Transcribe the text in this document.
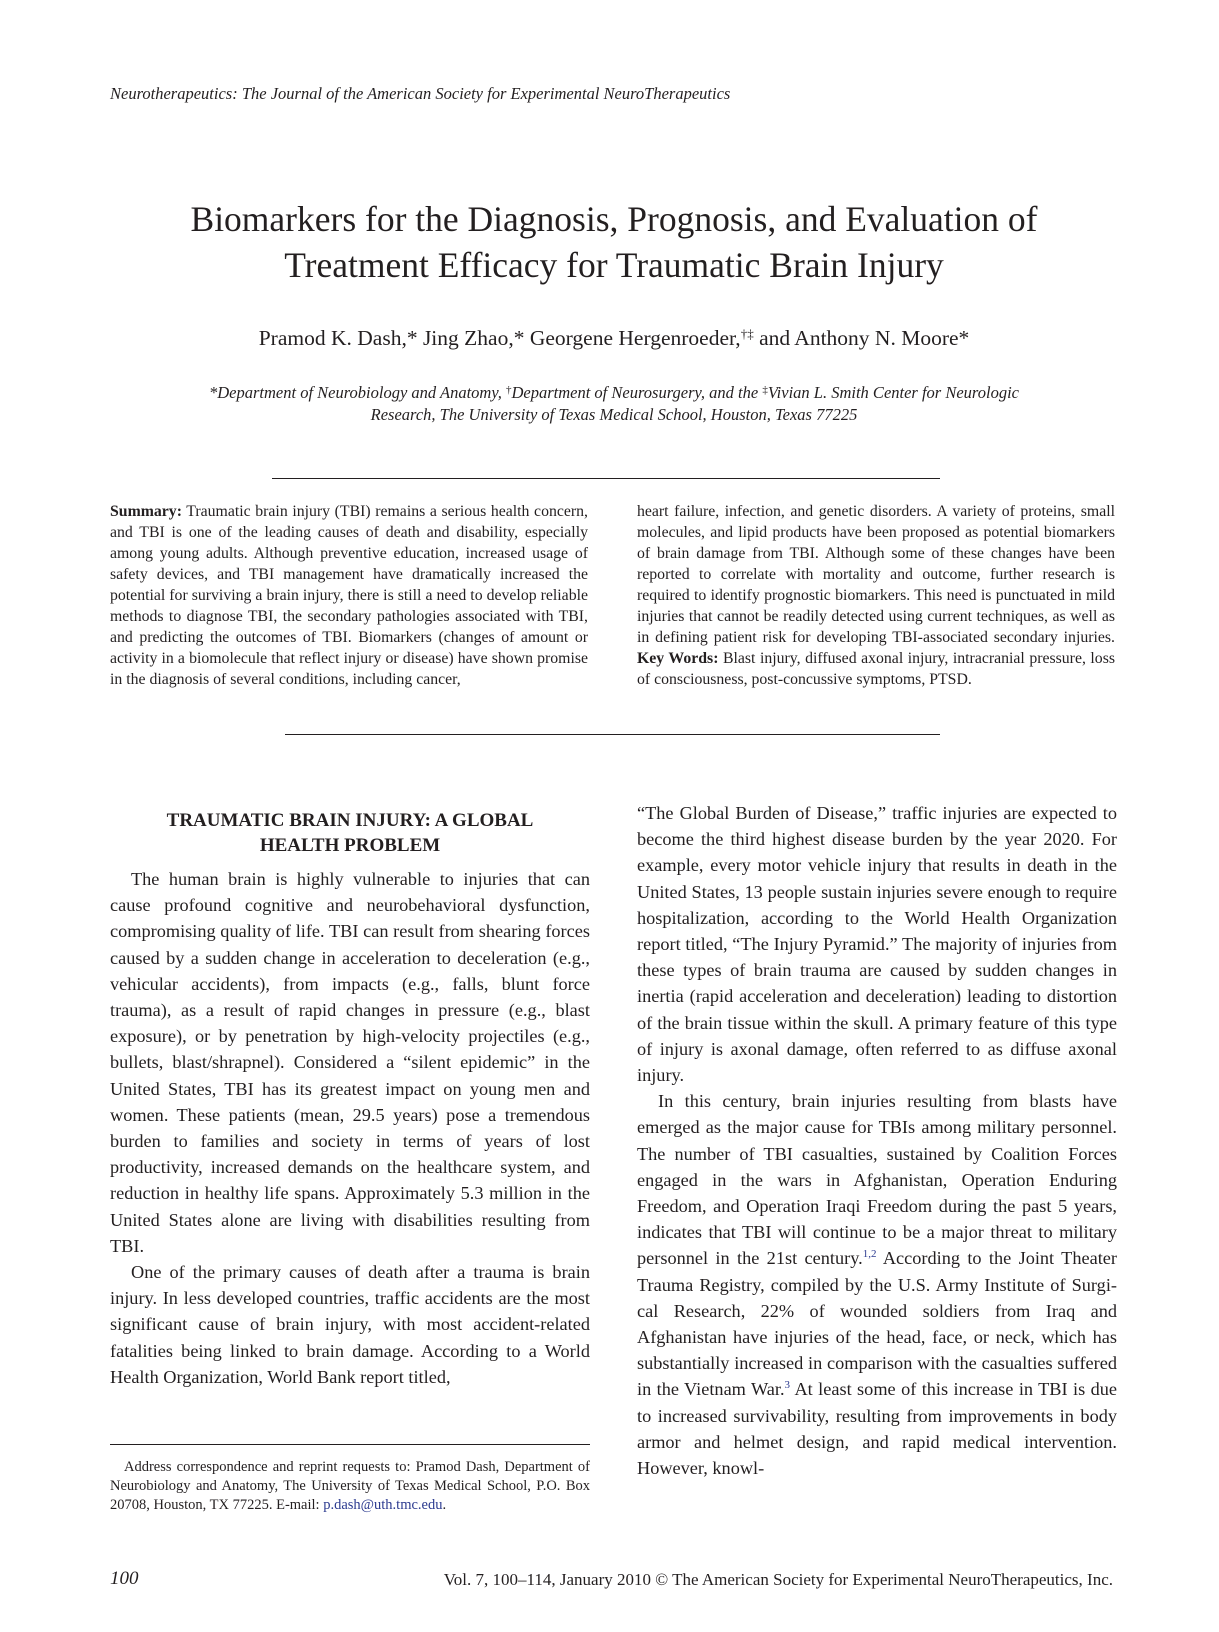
Neurotherapeutics: The Journal of the American Society for Experimental NeuroTherapeutics
Biomarkers for the Diagnosis, Prognosis, and Evaluation of
Treatment Efficacy for Traumatic Brain Injury
Pramod K. Dash,* Jing Zhao,* Georgene Hergenroeder,†‡ and Anthony N. Moore*
*Department of Neurobiology and Anatomy, †Department of Neurosurgery, and the ‡Vivian L. Smith Center for Neurologic
Research, The University of Texas Medical School, Houston, Texas 77225
Summary: Traumatic brain injury (TBI) remains a serious health concern, and TBI is one of the leading causes of death and disability, especially among young adults. Although preventive education, increased usage of safety devices, and TBI management have dramatically increased the potential for surviving a brain injury, there is still a need to develop reliable methods to diagnose TBI, the secondary pathologies associated with TBI, and predicting the outcomes of TBI. Biomarkers (changes of amount or activity in a biomolecule that reflect injury or disease) have shown promise in the diagnosis of several conditions, including cancer,
heart failure, infection, and genetic disorders. A variety of proteins, small molecules, and lipid products have been proposed as potential biomarkers of brain damage from TBI. Although some of these changes have been reported to correlate with mortality and outcome, further research is required to identify prognostic biomarkers. This need is punctuated in mild injuries that cannot be readily detected using current techniques, as well as in defining patient risk for developing TBI-associated secondary injuries. Key Words: Blast injury, diffused axonal injury, intracranial pressure, loss of consciousness, post-concussive symptoms, PTSD.
TRAUMATIC BRAIN INJURY: A GLOBAL
HEALTH PROBLEM

The human brain is highly vulnerable to injuries that can cause profound cognitive and neurobehavioral dysfunction, compromising quality of life. TBI can result from shearing forces caused by a sudden change in acceleration to deceleration (e.g., vehicular accidents), from impacts (e.g., falls, blunt force trauma), as a result of rapid changes in pressure (e.g., blast exposure), or by penetration by high-velocity projectiles (e.g., bullets, blast/shrapnel). Considered a “silent epidemic” in the United States, TBI has its greatest impact on young men and women. These patients (mean, 29.5 years) pose a tremendous burden to families and society in terms of years of lost productivity, increased demands on the healthcare system, and reduction in healthy life spans. Approximately 5.3 million in the United States alone are living with disabilities resulting from TBI.

One of the primary causes of death after a trauma is brain injury. In less developed countries, traffic accidents are the most significant cause of brain injury, with most accident-related fatalities being linked to brain damage. According to a World Health Organization, World Bank report titled,

“The Global Burden of Disease,” traffic injuries are expected to become the third highest disease burden by the year 2020. For example, every motor vehicle injury that results in death in the United States, 13 people sustain injuries severe enough to require hospitalization, according to the World Health Organization report titled, “The Injury Pyramid.” The majority of injuries from these types of brain trauma are caused by sudden changes in inertia (rapid acceleration and deceleration) leading to distortion of the brain tissue within the skull. A primary feature of this type of injury is axonal damage, often referred to as diffuse axonal injury.

In this century, brain injuries resulting from blasts have emerged as the major cause for TBIs among military personnel. The number of TBI casualties, sustained by Coalition Forces engaged in the wars in Afghanistan, Operation Enduring Freedom, and Operation Iraqi Freedom during the past 5 years, indicates that TBI will continue to be a major threat to military personnel in the 21st century.$^{1,2}$ According to the Joint Theater Trauma Registry, compiled by the U.S. Army Institute of Surgical Research, 22% of wounded soldiers from Iraq and Afghanistan have injuries of the head, face, or neck, which has substantially increased in comparison with the casualties suffered in the Vietnam War.$^3$ At least some of this increase in TBI is due to increased survivability, resulting from improvements in body armor and helmet design, and rapid medical intervention. However, knowl-

Address correspondence and reprint requests to: Pramod Dash, Department of Neurobiology and Anatomy, The University of Texas Medical School, P.O. Box 20708, Houston, TX 77225. E-mail: p.dash@uth.tmc.edu.
100	Vol. 7, 100–114, January 2010 © The American Society for Experimental NeuroTherapeutics, Inc.
